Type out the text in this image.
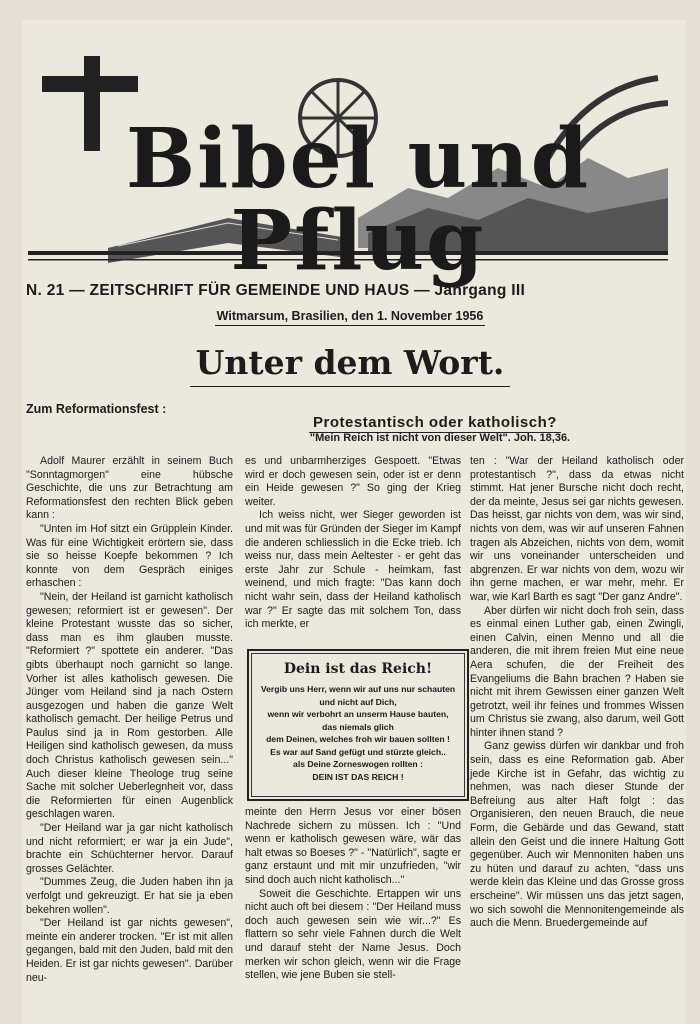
Bibel und Pflug
N. 21 — ZEITSCHRIFT FÜR GEMEINDE UND HAUS — Jahrgang III
Witmarsum, Brasilien, den 1. November 1956
Unter dem Wort.
Zum Reformationsfest :
Protestantisch oder katholisch?
"Mein Reich ist nicht von dieser Welt". Joh. 18,36.

Adolf Maurer erzählt in seinem Buch "Sonntagmorgen" eine hübsche Geschichte, die uns zur Betrachtung am Reformationsfest den rechten Blick geben kann :

"Unten im Hof sitzt ein Grüpplein Kinder. Was für eine Wichtigkeit erörtern sie, dass sie so heisse Koepfe bekommen ? Ich konnte von dem Gespräch einiges erhaschen :

"Nein, der Heiland ist garnicht katholisch gewesen; reformiert ist er gewesen". Der kleine Protestant wusste das so sicher, dass man es ihm glauben musste. "Reformiert ?" spottete ein anderer. "Das gibts überhaupt noch garnicht so lange. Vorher ist alles katholisch gewesen. Die Jünger vom Heiland sind ja nach Ostern ausgezogen und haben die ganze Welt katholisch gemacht. Der heilige Petrus und Paulus sind ja in Rom gestorben. Alle Heiligen sind katholisch gewesen, da muss doch Christus katholisch gewesen sein..." Auch dieser kleine Theologe trug seine Sache mit solcher Ueberlegnheit vor, dass die Reformierten für einen Augenblick geschlagen waren.

"Der Heiland war ja gar nicht katholisch und nicht reformiert; er war ja ein Jude", brachte ein Schüchterner hervor. Darauf grosses Gelächter.

"Dummes Zeug, die Juden haben ihn ja verfolgt und gekreuzigt. Er hat sie ja eben bekehren wollen".

"Der Heiland ist gar nichts gewesen", meinte ein anderer trocken. "Er ist mit allen gegangen, bald mit den Juden, bald mit den Heiden. Er ist gar nichts gewesen". Darüber neu-

es und unbarmherziges Gespoett. "Etwas wird er doch gewesen sein, oder ist er denn ein Heide gewesen ?" So ging der Krieg weiter.

Ich weiss nicht, wer Sieger geworden ist und mit was für Gründen der Sieger im Kampf die anderen schliesslich in die Ecke trieb. Ich weiss nur, dass mein Aeltester - er geht das erste Jahr zur Schule - heimkam, fast weinend, und mich fragte: "Das kann doch nicht wahr sein, dass der Heiland katholisch war ?" Er sagte das mit solchem Ton, dass ich merkte, er

Dein ist das Reich!
Vergib uns Herr, wenn wir auf uns nur schauten
und nicht auf Dich,
wenn wir verbohrt an unserm Hause bauten,
das niemals glich
dem Deinen, welches froh wir bauen sollten !
Es war auf Sand gefügt und stürzte gleich..
als Deine Zorneswogen rollten :
DEIN IST DAS REICH !

meinte den Herrn Jesus vor einer bösen Nachrede sichern zu müssen. Ich : "Und wenn er katholisch gewesen wäre, wär das halt etwas so Boeses ?" - "Natürlich", sagte er ganz erstaunt und mit mir unzufrieden, "wir sind doch auch nicht katholisch..."

Soweit die Geschichte. Ertappen wir uns nicht auch oft bei diesem : "Der Heiland muss doch auch gewesen sein wie wir...?" Es flattern so sehr viele Fahnen durch die Welt und darauf steht der Name Jesus. Doch merken wir schon gleich, wenn wir die Frage stellen, wie jene Buben sie stell-

ten : "War der Heiland katholisch oder protestantisch ?", dass da etwas nicht stimmt. Hat jener Bursche nicht doch recht, der da meinte, Jesus sei gar nichts gewesen. Das heisst, gar nichts von dem, was wir sind, nichts von dem, was wir auf unseren Fahnen tragen als Abzeichen, nichts von dem, womit wir uns voneinander unterscheiden und abgrenzen. Er war nichts von dem, wozu wir ihn gerne machen, er war mehr, mehr. Er war, wie Karl Barth es sagt "Der ganz Andre".

Aber dürfen wir nicht doch froh sein, dass es einmal einen Luther gab, einen Zwingli, einen Calvin, einen Menno und all die anderen, die mit ihrem freien Mut eine neue Aera schufen, die der Freiheit des Evangeliums die Bahn brachen ? Haben sie nicht mit ihrem Gewissen einer ganzen Welt getrotzt, weil ihr feines und frommes Wissen um Christus sie zwang, also darum, weil Gott hinter ihnen stand ?

Ganz gewiss dürfen wir dankbar und froh sein, dass es eine Reformation gab. Aber jede Kirche ist in Gefahr, das wichtig zu nehmen, was nach dieser Stunde der Befreiung aus alter Haft folgt : das Organisieren, den neuen Brauch, die neue Form, die Gebärde und das Gewand, statt allein den Geist und die innere Haltung Gott gegenüber. Auch wir Mennoniten haben uns zu hüten und darauf zu achten, "dass uns werde klein das Kleine und das Grosse gross erscheine". Wir müssen uns das jetzt sagen, wo sich sowohl die Mennonitengemeinde als auch die Menn. Bruedergemeinde auf
